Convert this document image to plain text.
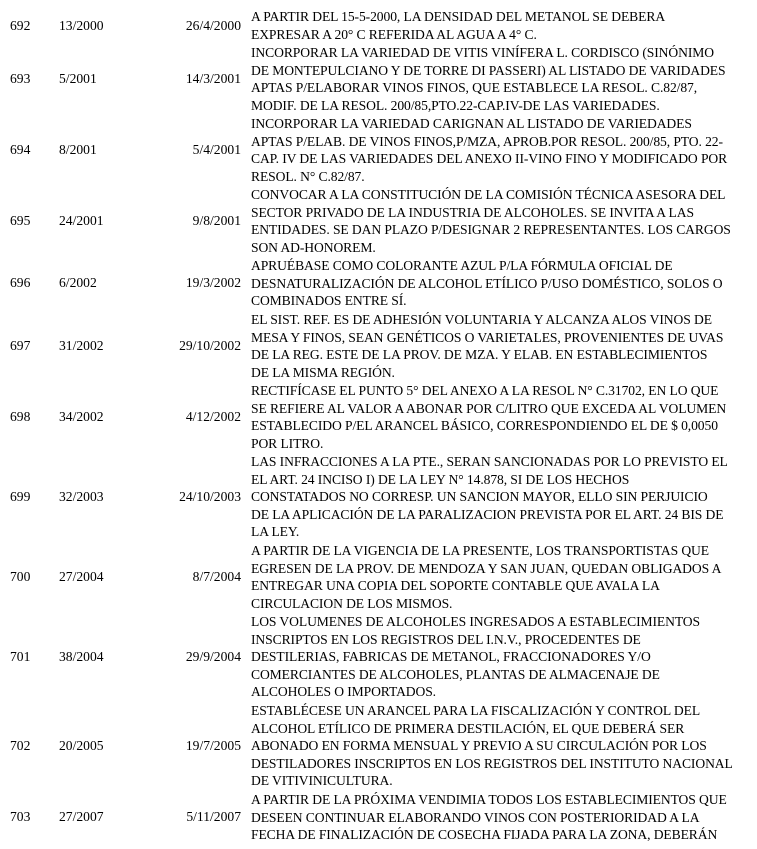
692 13/2000	26/4/2000
A PARTIR DEL 15-5-2000, LA DENSIDAD DEL METANOL SE DEBERA
EXPRESAR A 20° C REFERIDA AL AGUA A 4° C.
693 5/2001	14/3/2001
INCORPORAR LA VARIEDAD DE VITIS VINÍFERA L. CORDISCO (SINÓNIMO
DE MONTEPULCIANO Y DE TORRE DI PASSERI) AL LISTADO DE VARIDADES
APTAS P/ELABORAR VINOS FINOS, QUE ESTABLECE LA RESOL. C.82/87,
MODIF. DE LA RESOL. 200/85,PTO.22-CAP.IV-DE LAS VARIEDADES.
694 8/2001	5/4/2001
INCORPORAR LA VARIEDAD CARIGNAN AL LISTADO DE VARIEDADES
APTAS P/ELAB. DE VINOS FINOS,P/MZA, APROB.POR RESOL. 200/85, PTO. 22-
CAP. IV DE LAS VARIEDADES DEL ANEXO II-VINO FINO Y MODIFICADO POR
RESOL. N° C.82/87.
695 24/2001	9/8/2001
CONVOCAR A LA CONSTITUCIÓN DE LA COMISIÓN TÉCNICA ASESORA DEL
SECTOR PRIVADO DE LA INDUSTRIA DE ALCOHOLES. SE INVITA A LAS
ENTIDADES. SE DAN PLAZO P/DESIGNAR 2 REPRESENTANTES. LOS CARGOS
SON AD-HONOREM.
696 6/2002	19/3/2002
APRUÉBASE COMO COLORANTE AZUL P/LA FÓRMULA OFICIAL DE
DESNATURALIZACIÓN DE ALCOHOL ETÍLICO P/USO DOMÉSTICO, SOLOS O
COMBINADOS ENTRE SÍ.
697 31/2002	29/10/2002
EL SIST. REF. ES DE ADHESIÓN VOLUNTARIA Y ALCANZA ALOS VINOS DE
MESA Y FINOS, SEAN GENÉTICOS O VARIETALES, PROVENIENTES DE UVAS
DE LA REG. ESTE DE LA PROV. DE MZA. Y ELAB. EN ESTABLECIMIENTOS
DE LA MISMA REGIÓN.
698 34/2002	4/12/2002
RECTIFÍCASE EL PUNTO 5° DEL ANEXO A LA RESOL N° C.31702, EN LO QUE
SE REFIERE AL VALOR A ABONAR POR C/LITRO QUE EXCEDA AL VOLUMEN
ESTABLECIDO P/EL ARANCEL BÁSICO, CORRESPONDIENDO EL DE $ 0,0050
POR LITRO.
699 32/2003	24/10/2003
LAS INFRACCIONES A LA PTE., SERAN SANCIONADAS POR LO PREVISTO EL
EL ART. 24 INCISO I) DE LA LEY N° 14.878, SI DE LOS HECHOS
CONSTATADOS NO CORRESP. UN SANCION MAYOR, ELLO SIN PERJUICIO
DE LA APLICACIÓN DE LA PARALIZACION PREVISTA POR EL ART. 24 BIS DE
LA LEY.
700 27/2004	8/7/2004
A PARTIR DE LA VIGENCIA DE LA PRESENTE, LOS TRANSPORTISTAS QUE
EGRESEN DE LA PROV. DE MENDOZA Y SAN JUAN, QUEDAN OBLIGADOS A
ENTREGAR UNA COPIA DEL SOPORTE CONTABLE QUE AVALA LA
CIRCULACION DE LOS MISMOS.
701 38/2004	29/9/2004
LOS VOLUMENES DE ALCOHOLES INGRESADOS A ESTABLECIMIENTOS
INSCRIPTOS EN LOS REGISTROS DEL I.N.V., PROCEDENTES DE
DESTILERIAS, FABRICAS DE METANOL, FRACCIONADORES Y/O
COMERCIANTES DE ALCOHOLES, PLANTAS DE ALMACENAJE DE
ALCOHOLES O IMPORTADOS.
702 20/2005	19/7/2005
ESTABLÉCESE UN ARANCEL PARA LA FISCALIZACIÓN Y CONTROL DEL
ALCOHOL ETÍLICO DE PRIMERA DESTILACIÓN, EL QUE DEBERÁ SER
ABONADO EN FORMA MENSUAL Y PREVIO A SU CIRCULACIÓN POR LOS
DESTILADORES INSCRIPTOS EN LOS REGISTROS DEL INSTITUTO NACIONAL
DE VITIVINICULTURA.
703 27/2007	5/11/2007
A PARTIR DE LA PRÓXIMA VENDIMIA TODOS LOS ESTABLECIMIENTOS QUE
DESEEN CONTINUAR ELABORANDO VINOS CON POSTERIORIDAD A LA
FECHA DE FINALIZACIÓN DE COSECHA FIJADA PARA LA ZONA, DEBERÁN
